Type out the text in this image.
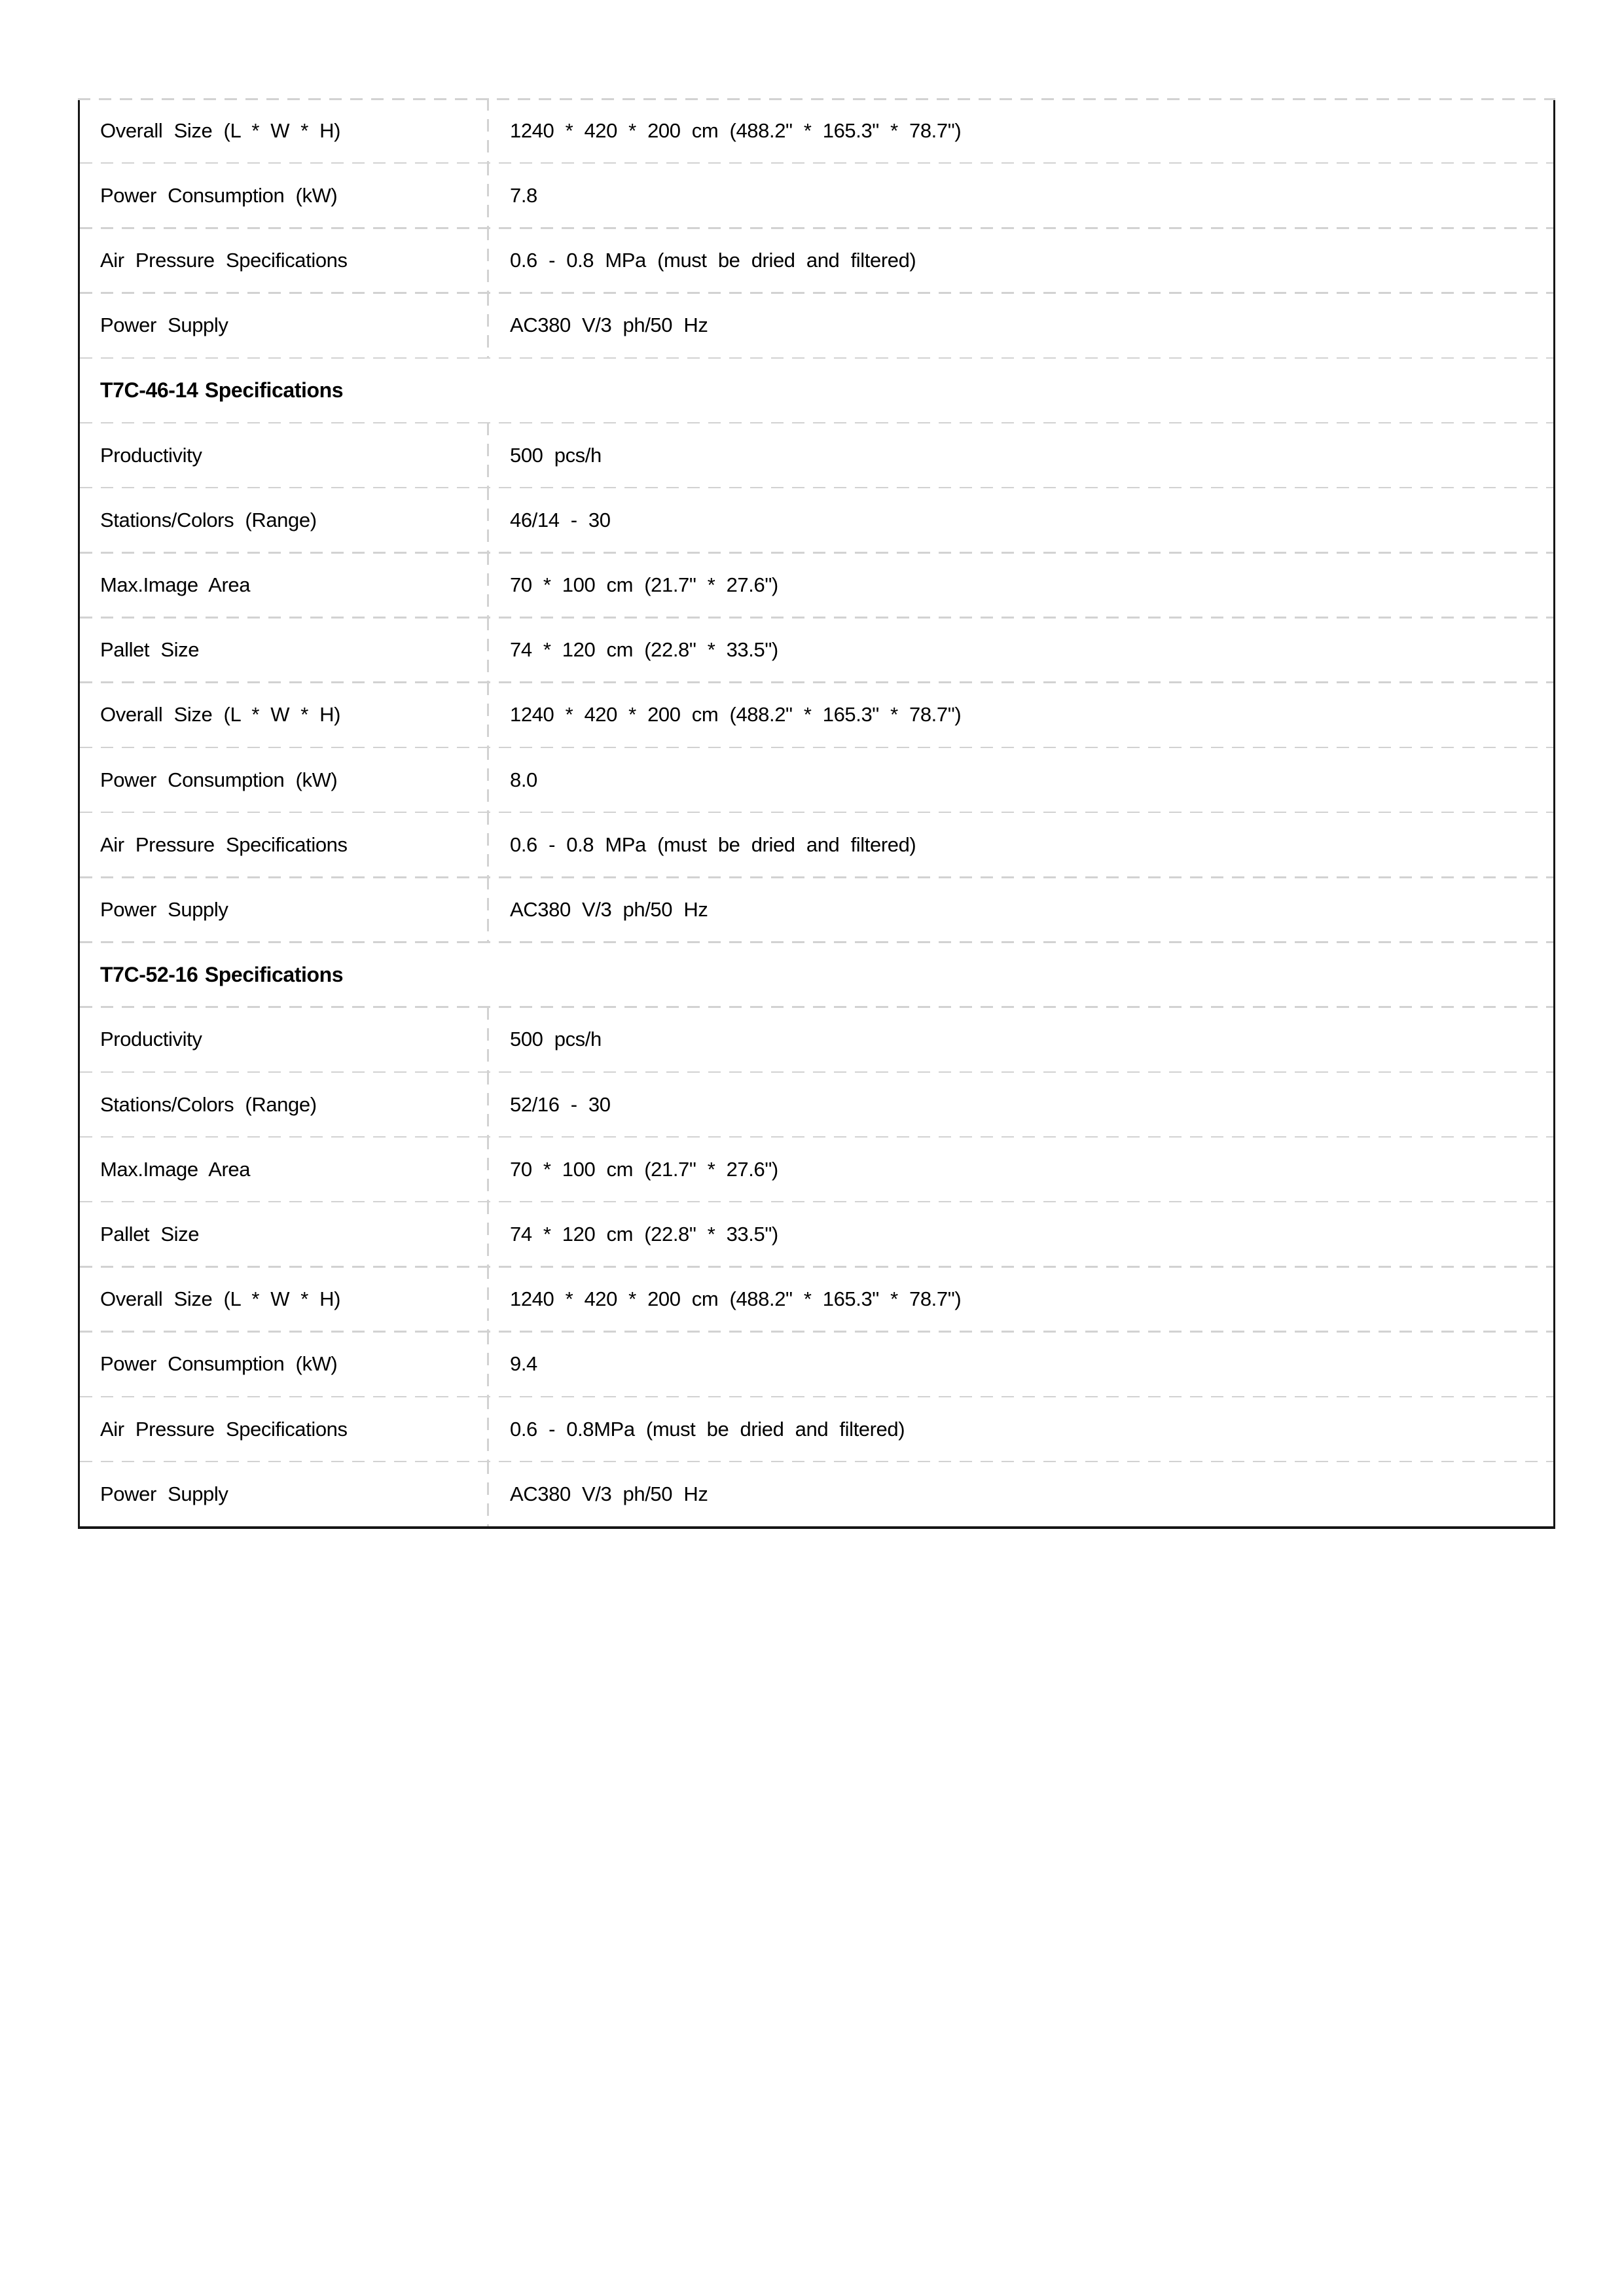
Overall Size (L * W * H)	1240 * 420 * 200 cm (488.2" * 165.3" * 78.7")
Power Consumption (kW)	7.8
Air Pressure Specifications	0.6 - 0.8 MPa (must be dried and filtered)
Power Supply	AC380 V/3 ph/50 Hz
T7C-46-14 Specifications
Productivity	500 pcs/h
Stations/Colors (Range)	46/14 - 30
Max.Image Area	70 * 100 cm (21.7" * 27.6")
Pallet Size	74 * 120 cm (22.8" * 33.5")
Overall Size (L * W * H)	1240 * 420 * 200 cm (488.2" * 165.3" * 78.7")
Power Consumption (kW)	8.0
Air Pressure Specifications	0.6 - 0.8 MPa (must be dried and filtered)
Power Supply	AC380 V/3 ph/50 Hz
T7C-52-16 Specifications
Productivity	500 pcs/h
Stations/Colors (Range)	52/16 - 30
Max.Image Area	70 * 100 cm (21.7" * 27.6")
Pallet Size	74 * 120 cm (22.8" * 33.5")
Overall Size (L * W * H)	1240 * 420 * 200 cm (488.2" * 165.3" * 78.7")
Power Consumption (kW)	9.4
Air Pressure Specifications	0.6 - 0.8MPa (must be dried and filtered)
Power Supply	AC380 V/3 ph/50 Hz
